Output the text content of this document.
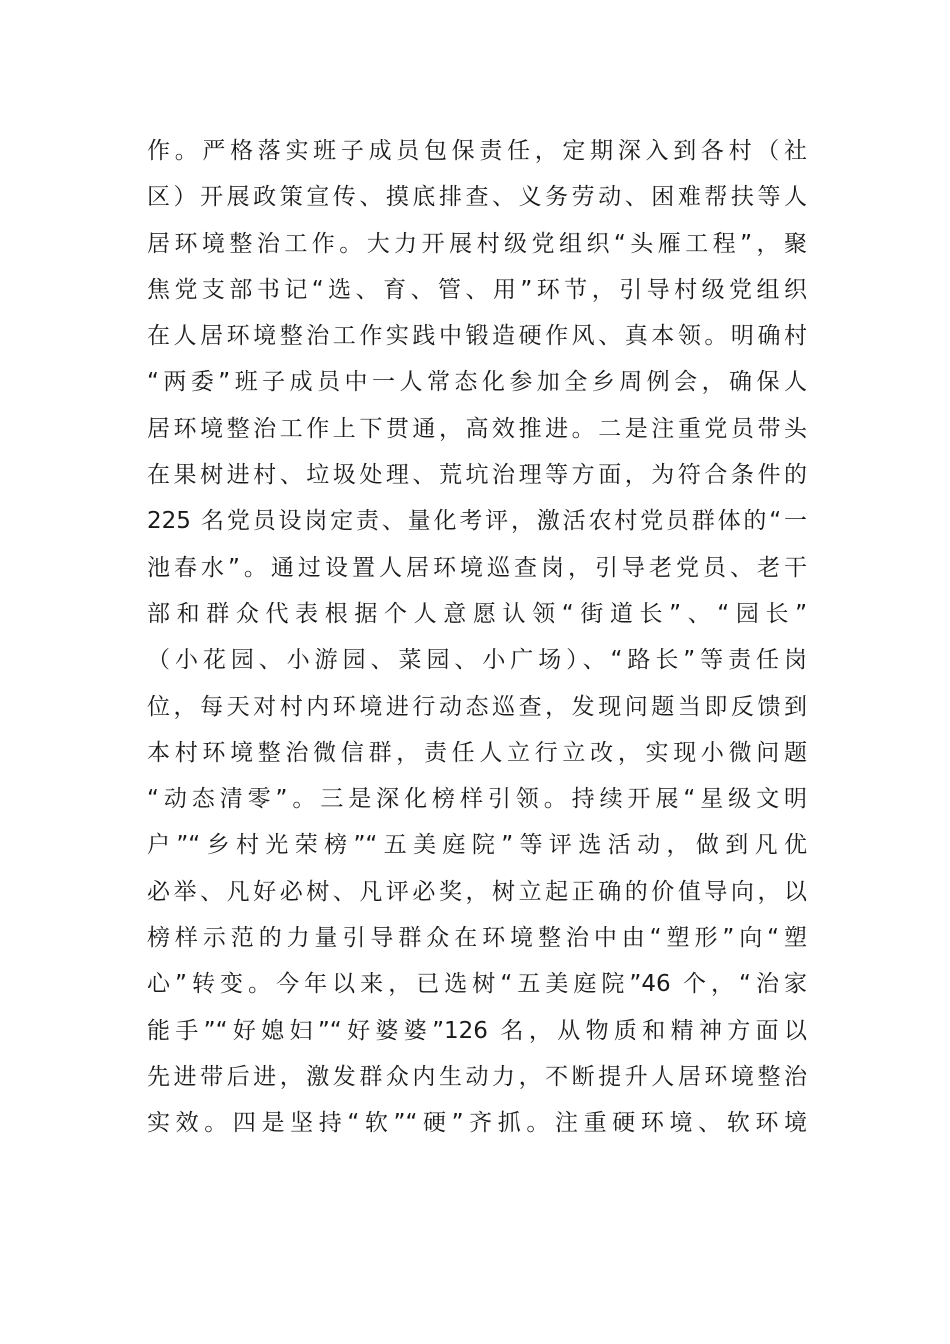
作。严格落实班子成员包保责任，定期深入到各村（社
区）开展政策宣传、摸底排查、义务劳动、困难帮扶等人
居环境整治工作。大力开展村级党组织“头雁工程”，聚
焦党支部书记“选、育、管、用”环节，引导村级党组织
在人居环境整治工作实践中锻造硬作风、真本领。明确村
“两委”班子成员中一人常态化参加全乡周例会，确保人
居环境整治工作上下贯通，高效推进。二是注重党员带头
在果树进村、垃圾处理、荒坑治理等方面，为符合条件的
225 名党员设岗定责、量化考评，激活农村党员群体的“一
池春水”。通过设置人居环境巡查岗，引导老党员、老干
部和群众代表根据个人意愿认领“街道长”、“园长”
（小花园、小游园、菜园、小广场）、“路长”等责任岗
位，每天对村内环境进行动态巡查，发现问题当即反馈到
本村环境整治微信群，责任人立行立改，实现小微问题
“动态清零”。三是深化榜样引领。持续开展“星级文明
户”“乡村光荣榜”“五美庭院”等评选活动，做到凡优
必举、凡好必树、凡评必奖，树立起正确的价值导向，以
榜样示范的力量引导群众在环境整治中由“塑形”向“塑
心”转变。今年以来，已选树“五美庭院”46 个，“治家
能手”“好媳妇”“好婆婆”126 名，从物质和精神方面以
先进带后进，激发群众内生动力，不断提升人居环境整治
实效。四是坚持“软”“硬”齐抓。注重硬环境、软环境
